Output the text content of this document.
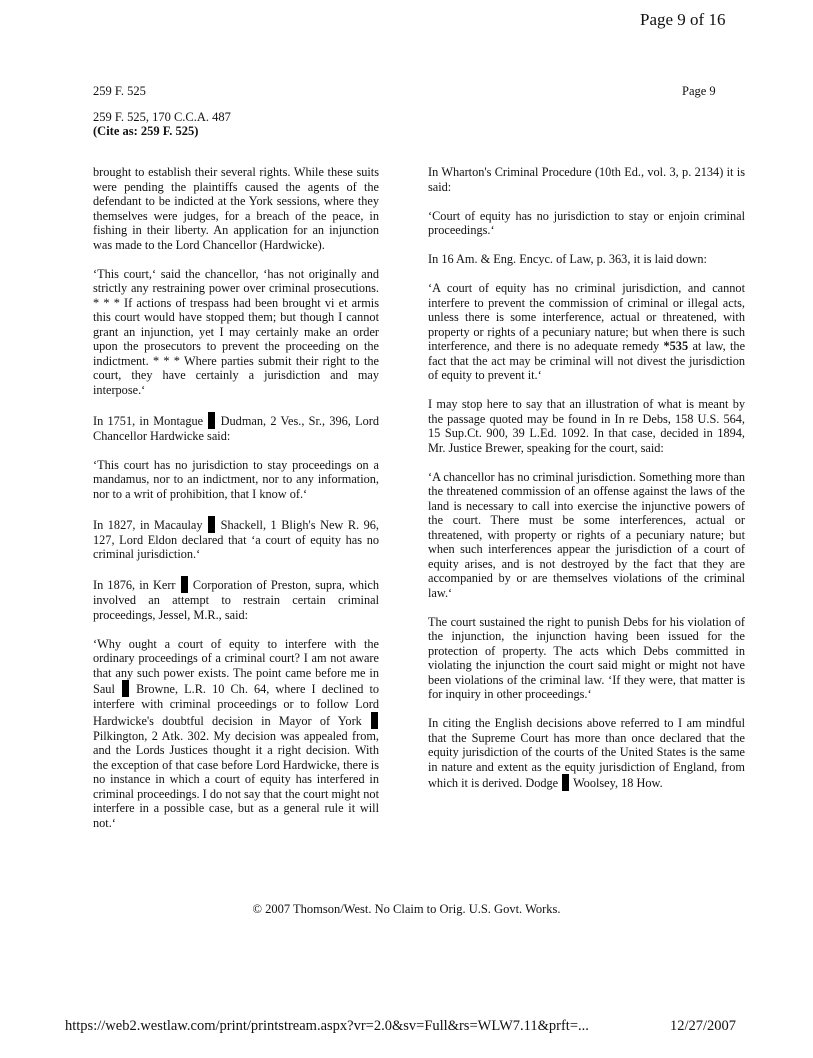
Page 9 of 16
259 F. 525	Page 9
259 F. 525, 170 C.C.A. 487
(Cite as: 259 F. 525)

brought to establish their several rights. While these suits were pending the plaintiffs caused the agents of the defendant to be indicted at the York sessions, where they themselves were judges, for a breach of the peace, in fishing in their liberty. An application for an injunction was made to the Lord Chancellor (Hardwicke).

‘This court,‘ said the chancellor, ‘has not originally and strictly any restraining power over criminal prosecutions. * * * If actions of trespass had been brought vi et armis this court would have stopped them; but though I cannot grant an injunction, yet I may certainly make an order upon the prosecutors to prevent the proceeding on the indictment. * * * Where parties submit their right to the court, they have certainly a jurisdiction and may interpose.‘

In 1751, in Montague Dudman, 2 Ves., Sr., 396, Lord Chancellor Hardwicke said:

‘This court has no jurisdiction to stay proceedings on a mandamus, nor to an indictment, nor to any information, nor to a writ of prohibition, that I know of.‘

In 1827, in Macaulay Shackell, 1 Bligh's New R. 96, 127, Lord Eldon declared that ‘a court of equity has no criminal jurisdiction.‘

In 1876, in Kerr Corporation of Preston, supra, which involved an attempt to restrain certain criminal proceedings, Jessel, M.R., said:

‘Why ought a court of equity to interfere with the ordinary proceedings of a criminal court? I am not aware that any such power exists. The point came before me in Saul Browne, L.R. 10 Ch. 64, where I declined to interfere with criminal proceedings or to follow Lord Hardwicke's doubtful decision in Mayor of York  Pilkington, 2 Atk. 302. My decision was appealed from, and the Lords Justices thought it a right decision. With the exception of that case before Lord Hardwicke, there is no instance in which a court of equity has interfered in criminal proceedings. I do not say that the court might not interfere in a possible case, but as a general rule it will not.‘

In Wharton's Criminal Procedure (10th Ed., vol. 3, p. 2134) it is said:

‘Court of equity has no jurisdiction to stay or enjoin criminal proceedings.‘

In 16 Am. & Eng. Encyc. of Law, p. 363, it is laid down:

‘A court of equity has no criminal jurisdiction, and cannot interfere to prevent the commission of criminal or illegal acts, unless there is some interference, actual or threatened, with property or rights of a pecuniary nature; but when there is such interference, and there is no adequate remedy *535 at law, the fact that the act may be criminal will not divest the jurisdiction of equity to prevent it.‘

I may stop here to say that an illustration of what is meant by the passage quoted may be found in In re Debs, 158 U.S. 564, 15 Sup.Ct. 900, 39 L.Ed. 1092. In that case, decided in 1894, Mr. Justice Brewer, speaking for the court, said:

‘A chancellor has no criminal jurisdiction. Something more than the threatened commission of an offense against the laws of the land is necessary to call into exercise the injunctive powers of the court. There must be some interferences, actual or threatened, with property or rights of a pecuniary nature; but when such interferences appear the jurisdiction of a court of equity arises, and is not destroyed by the fact that they are accompanied by or are themselves violations of the criminal law.‘

The court sustained the right to punish Debs for his violation of the injunction, the injunction having been issued for the protection of property. The acts which Debs committed in violating the injunction the court said might or might not have been violations of the criminal law. ‘If they were, that matter is for inquiry in other proceedings.‘

In citing the English decisions above referred to I am mindful that the Supreme Court has more than once declared that the equity jurisdiction of the courts of the United States is the same in nature and extent as the equity jurisdiction of England, from which it is derived. Dodge Woolsey, 18 How.

© 2007 Thomson/West. No Claim to Orig. U.S. Govt. Works.
https://web2.westlaw.com/print/printstream.aspx?vr=2.0&sv=Full&rs=WLW7.11&prft=...	12/27/2007
